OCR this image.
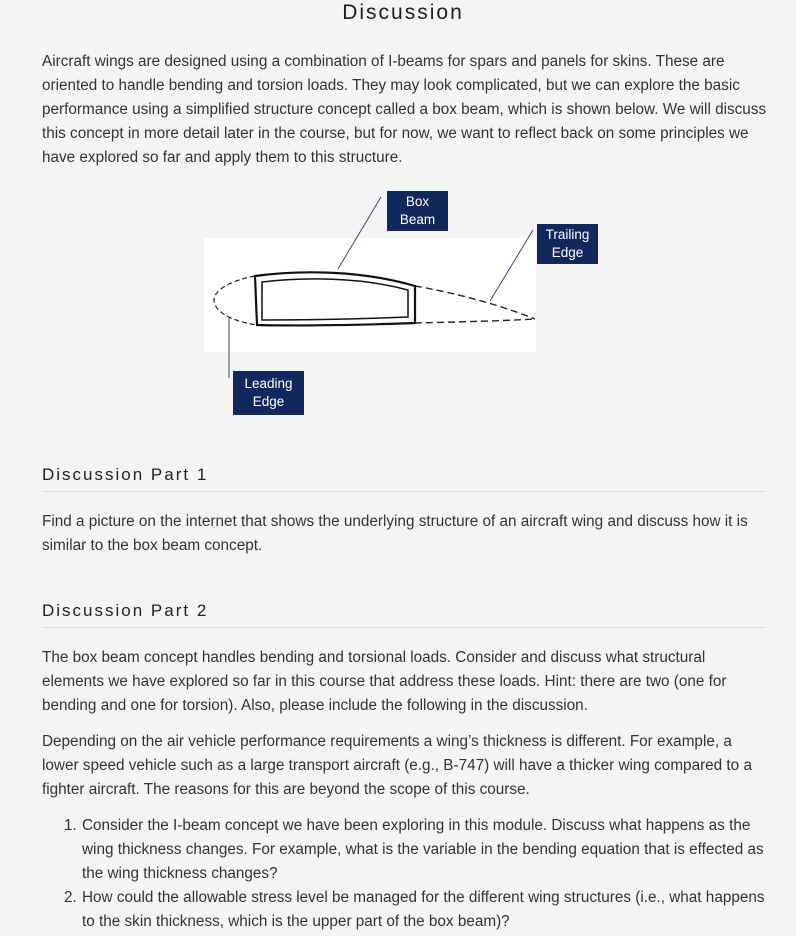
Discussion

Aircraft wings are designed using a combination of I-beams for spars and panels for skins. These are oriented to handle bending and torsion loads. They may look complicated, but we can explore the basic performance using a simplified structure concept called a box beam, which is shown below. We will discuss this concept in more detail later in the course, but for now, we want to reflect back on some principles we have explored so far and apply them to this structure.

Box
Beam
Trailing
Edge
Leading
Edge
Discussion Part 1

Find a picture on the internet that shows the underlying structure of an aircraft wing and discuss how it is similar to the box beam concept.

Discussion Part 2

The box beam concept handles bending and torsional loads. Consider and discuss what structural elements we have explored so far in this course that address these loads. Hint: there are two (one for bending and one for torsion). Also, please include the following in the discussion.

Depending on the air vehicle performance requirements a wing’s thickness is different. For example, a lower speed vehicle such as a large transport aircraft (e.g., B-747) will have a thicker wing compared to a fighter aircraft. The reasons for this are beyond the scope of this course.

1. Consider the I-beam concept we have been exploring in this module. Discuss what happens as the wing thickness changes. For example, what is the variable in the bending equation that is effected as the wing thickness changes?
2. How could the allowable stress level be managed for the different wing structures (i.e., what happens to the skin thickness, which is the upper part of the box beam)?
